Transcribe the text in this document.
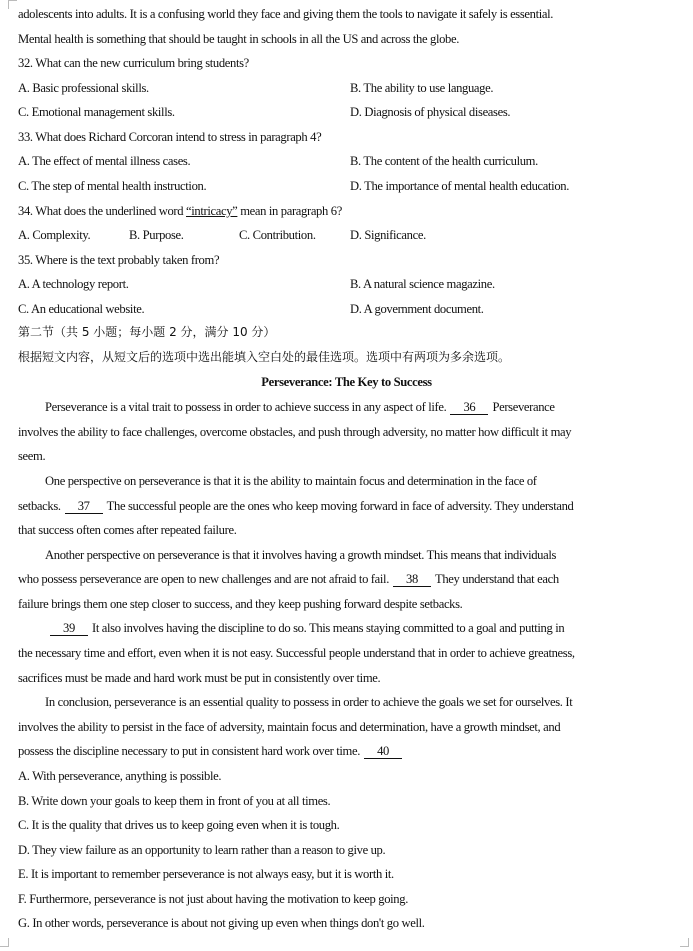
adolescents into adults. It is a confusing world they face and giving them the tools to navigate it safely is essential.
Mental health is something that should be taught in schools in all the US and across the globe.
32. What can the new curriculum bring students?
A. Basic professional skills.	B. The ability to use language.
C. Emotional management skills.	D. Diagnosis of physical diseases.
33. What does Richard Corcoran intend to stress in paragraph 4?
A. The effect of mental illness cases.	B. The content of the health curriculum.
C. The step of mental health instruction.	D. The importance of mental health education.
34. What does the underlined word “intricacy” mean in paragraph 6?
A. Complexity.	B. Purpose.	C. Contribution.	D. Significance.
35. Where is the text probably taken from?
A. A technology report.	B. A natural science magazine.
C. An educational website.	D. A government document.
第二节（共 5 小题；每小题 2 分，满分 10 分）
根据短文内容，从短文后的选项中选出能填入空白处的最佳选项。选项中有两项为多余选项。
Perseverance: The Key to Success
Perseverance is a vital trait to possess in order to achieve success in any aspect of life. 36 Perseverance
involves the ability to face challenges, overcome obstacles, and push through adversity, no matter how difficult it may
seem.
One perspective on perseverance is that it is the ability to maintain focus and determination in the face of
setbacks. 37 The successful people are the ones who keep moving forward in face of adversity. They understand
that success often comes after repeated failure.
Another perspective on perseverance is that it involves having a growth mindset. This means that individuals
who possess perseverance are open to new challenges and are not afraid to fail. 38 They understand that each
failure brings them one step closer to success, and they keep pushing forward despite setbacks.
39 It also involves having the discipline to do so. This means staying committed to a goal and putting in
the necessary time and effort, even when it is not easy. Successful people understand that in order to achieve greatness,
sacrifices must be made and hard work must be put in consistently over time.
In conclusion, perseverance is an essential quality to possess in order to achieve the goals we set for ourselves. It
involves the ability to persist in the face of adversity, maintain focus and determination, have a growth mindset, and
possess the discipline necessary to put in consistent hard work over time. 40
A. With perseverance, anything is possible.
B. Write down your goals to keep them in front of you at all times.
C. It is the quality that drives us to keep going even when it is tough.
D. They view failure as an opportunity to learn rather than a reason to give up.
E. It is important to remember perseverance is not always easy, but it is worth it.
F. Furthermore, perseverance is not just about having the motivation to keep going.
G. In other words, perseverance is about not giving up even when things don't go well.
